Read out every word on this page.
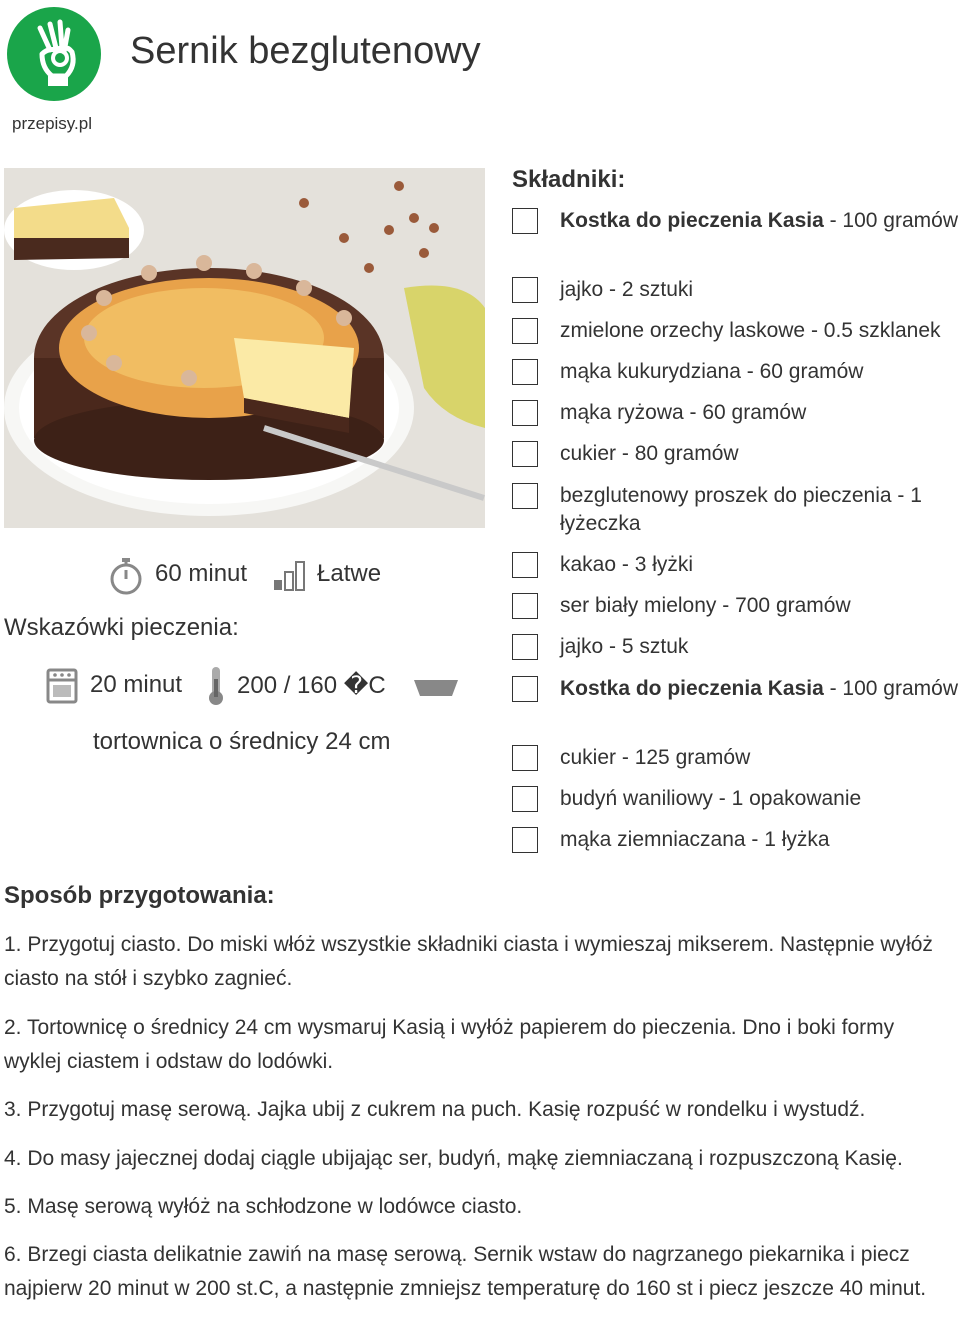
Sernik bezglutenowy
przepisy.pl
60 minut	Łatwe
Wskazówki pieczenia:
20 minut 200 / 160 �C
tortownica o średnicy 24 cm
Składniki:
Kostka do pieczenia Kasia - 100 gramów
jajko - 2 sztuki
zmielone orzechy laskowe - 0.5 szklanek
mąka kukurydziana - 60 gramów
mąka ryżowa - 60 gramów
cukier - 80 gramów
bezglutenowy proszek do pieczenia - 1 łyżeczka
kakao - 3 łyżki
ser biały mielony - 700 gramów
jajko - 5 sztuk
Kostka do pieczenia Kasia - 100 gramów
cukier - 125 gramów
budyń waniliowy - 1 opakowanie
mąka ziemniaczana - 1 łyżka
Sposób przygotowania:
1. Przygotuj ciasto. Do miski włóż wszystkie składniki ciasta i wymieszaj mikserem. Następnie wyłóż ciasto na stół i szybko zagnieć.
2. Tortownicę o średnicy 24 cm wysmaruj Kasią i wyłóż papierem do pieczenia. Dno i boki formy wyklej ciastem i odstaw do lodówki.
3. Przygotuj masę serową. Jajka ubij z cukrem na puch. Kasię rozpuść w rondelku i wystudź.
4. Do masy jajecznej dodaj ciągle ubijając ser, budyń, mąkę ziemniaczaną i rozpuszczoną Kasię.
5. Masę serową wyłóż na schłodzone w lodówce ciasto.
6. Brzegi ciasta delikatnie zawiń na masę serową. Sernik wstaw do nagrzanego piekarnika i piecz najpierw 20 minut w 200 st.C, a następnie zmniejsz temperaturę do 160 st i piecz jeszcze 40 minut.
